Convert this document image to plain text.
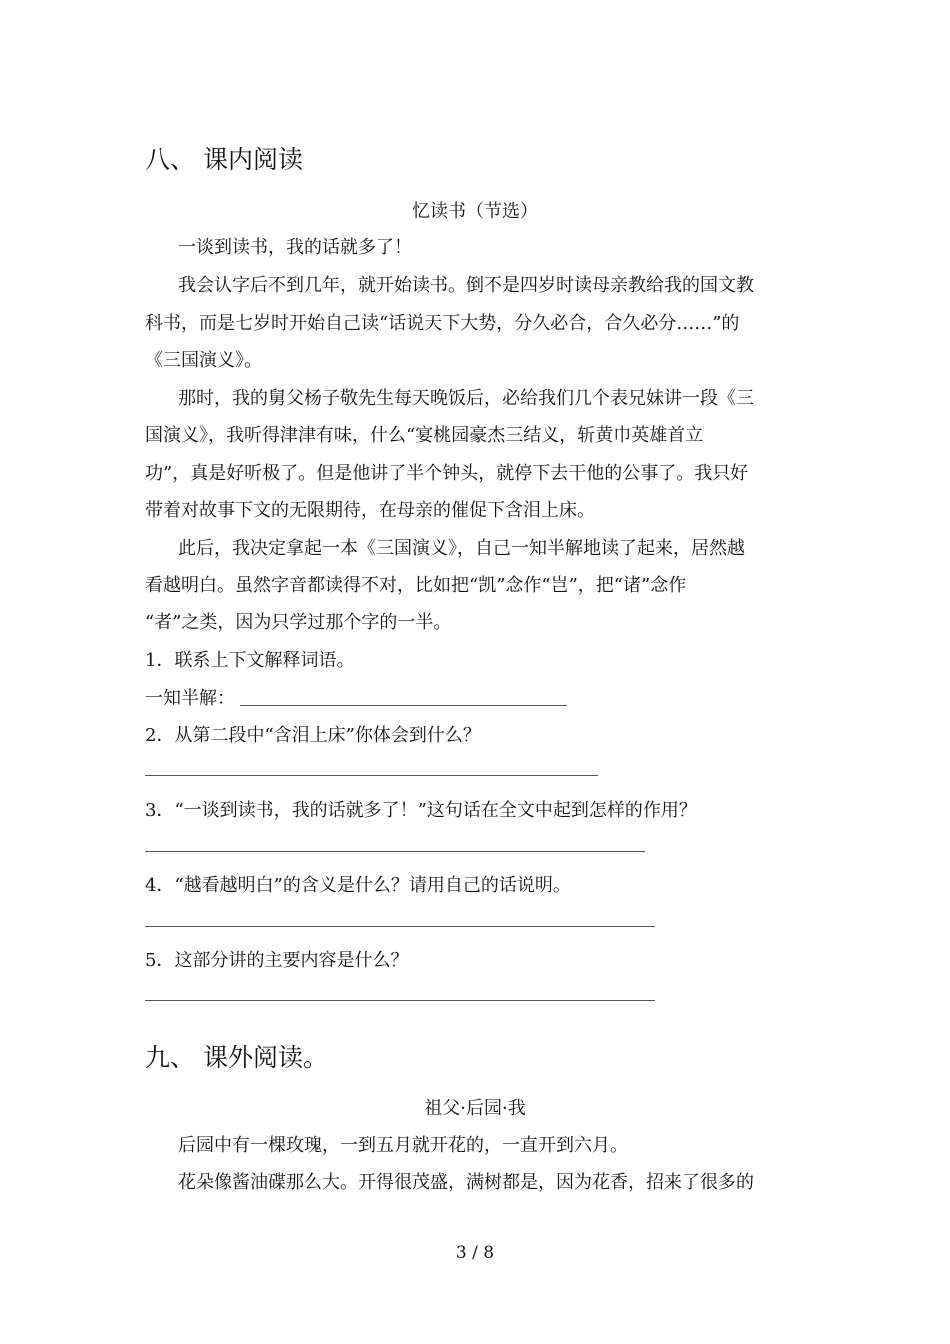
八、 课内阅读
忆读书（节选）
一谈到读书，我的话就多了！
我会认字后不到几年，就开始读书。倒不是四岁时读母亲教给我的国文教
科书，而是七岁时开始自己读“话说天下大势，分久必合，合久必分……”的
《三国演义》。
那时，我的舅父杨子敬先生每天晚饭后，必给我们几个表兄妹讲一段《三
国演义》，我听得津津有味，什么“宴桃园豪杰三结义，斩黄巾英雄首立
功”，真是好听极了。但是他讲了半个钟头，就停下去干他的公事了。我只好
带着对故事下文的无限期待，在母亲的催促下含泪上床。
此后，我决定拿起一本《三国演义》，自己一知半解地读了起来，居然越
看越明白。虽然字音都读得不对，比如把“凯”念作“岂”，把“诸”念作
“者”之类，因为只学过那个字的一半。
1．联系上下文解释词语。
一知半解：
2．从第二段中“含泪上床”你体会到什么？
3．“一谈到读书，我的话就多了！”这句话在全文中起到怎样的作用？
4．“越看越明白”的含义是什么？请用自己的话说明。
5．这部分讲的主要内容是什么？
九、 课外阅读。
祖父·后园·我
后园中有一棵玫瑰，一到五月就开花的，一直开到六月。
花朵像酱油碟那么大。开得很茂盛，满树都是，因为花香，招来了很多的
3 / 8
